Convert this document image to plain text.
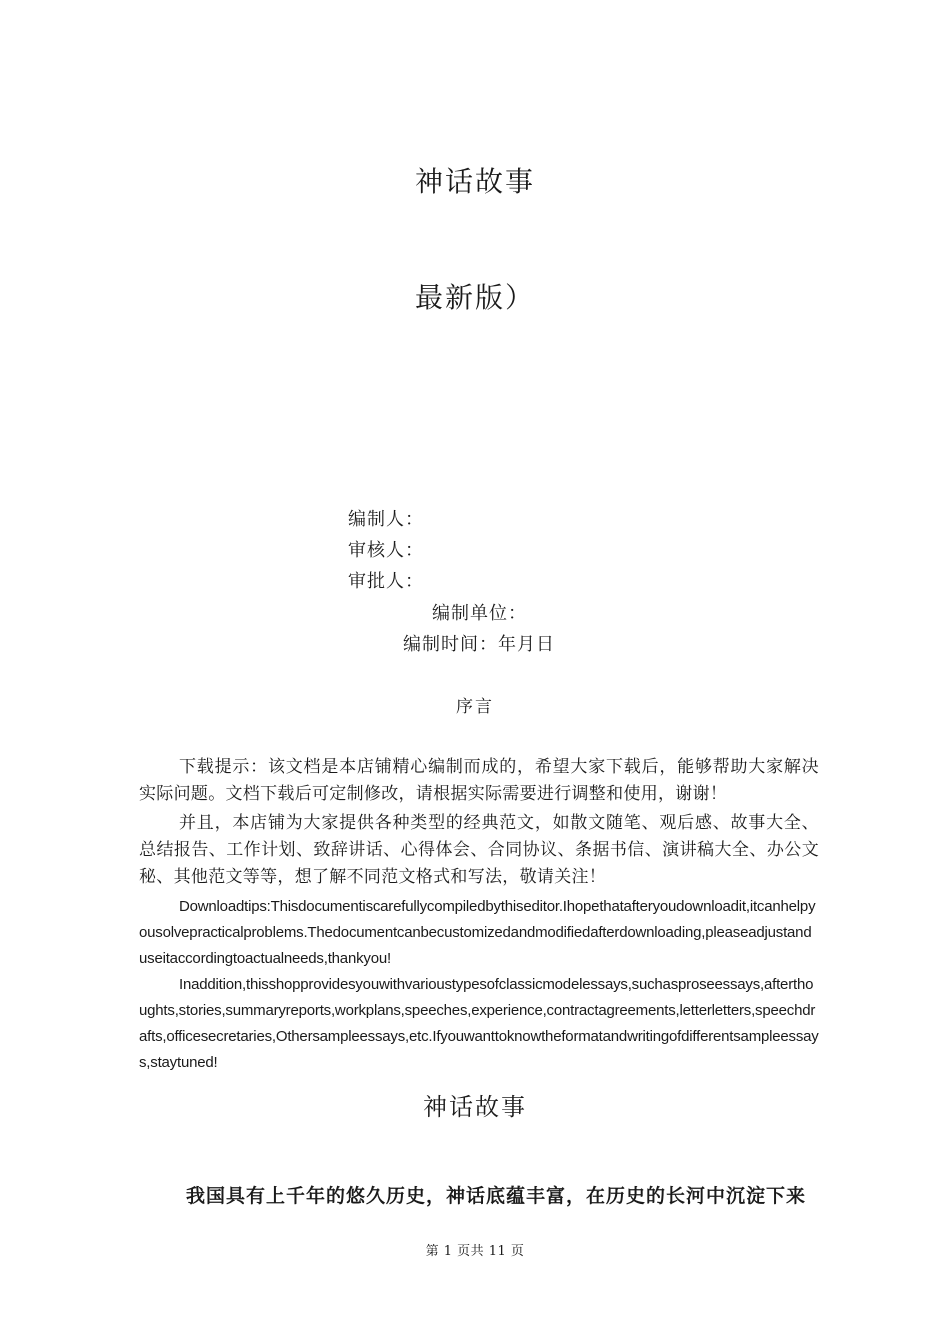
神话故事
最新版）
编制人：
审核人：
审批人：
编制单位：
编制时间：年月日
序言
下载提示：该文档是本店铺精心编制而成的，希望大家下载后，能够帮助大家解决实际问题。文档下载后可定制修改，请根据实际需要进行调整和使用，谢谢！
并且，本店铺为大家提供各种类型的经典范文，如散文随笔、观后感、故事大全、总结报告、工作计划、致辞讲话、心得体会、合同协议、条据书信、演讲稿大全、办公文秘、其他范文等等，想了解不同范文格式和写法，敬请关注！
Downloadtips:Thisdocumentiscarefullycompiledbythiseditor.Ihopethatafteryoudownloadit,itcanhelpyousolvepracticalproblems.Thedocumentcanbecustomizedandmodifiedafterdownloading,pleaseadjustanduseitaccordingtoactualneeds,thankyou!
Inaddition,thisshopprovidesyouwithvarioustypesofclassicmodelessays,suchasproseessays,afterthoughts,stories,summaryreports,workplans,speeches,experience,contractagreements,letterletters,speechdrafts,officesecretaries,Othersampleessays,etc.Ifyouwanttoknowtheformatandwritingofdifferentsampleessays,staytuned!
神话故事
我国具有上千年的悠久历史，神话底蕴丰富，在历史的长河中沉淀下来
第 1 页共 11 页
